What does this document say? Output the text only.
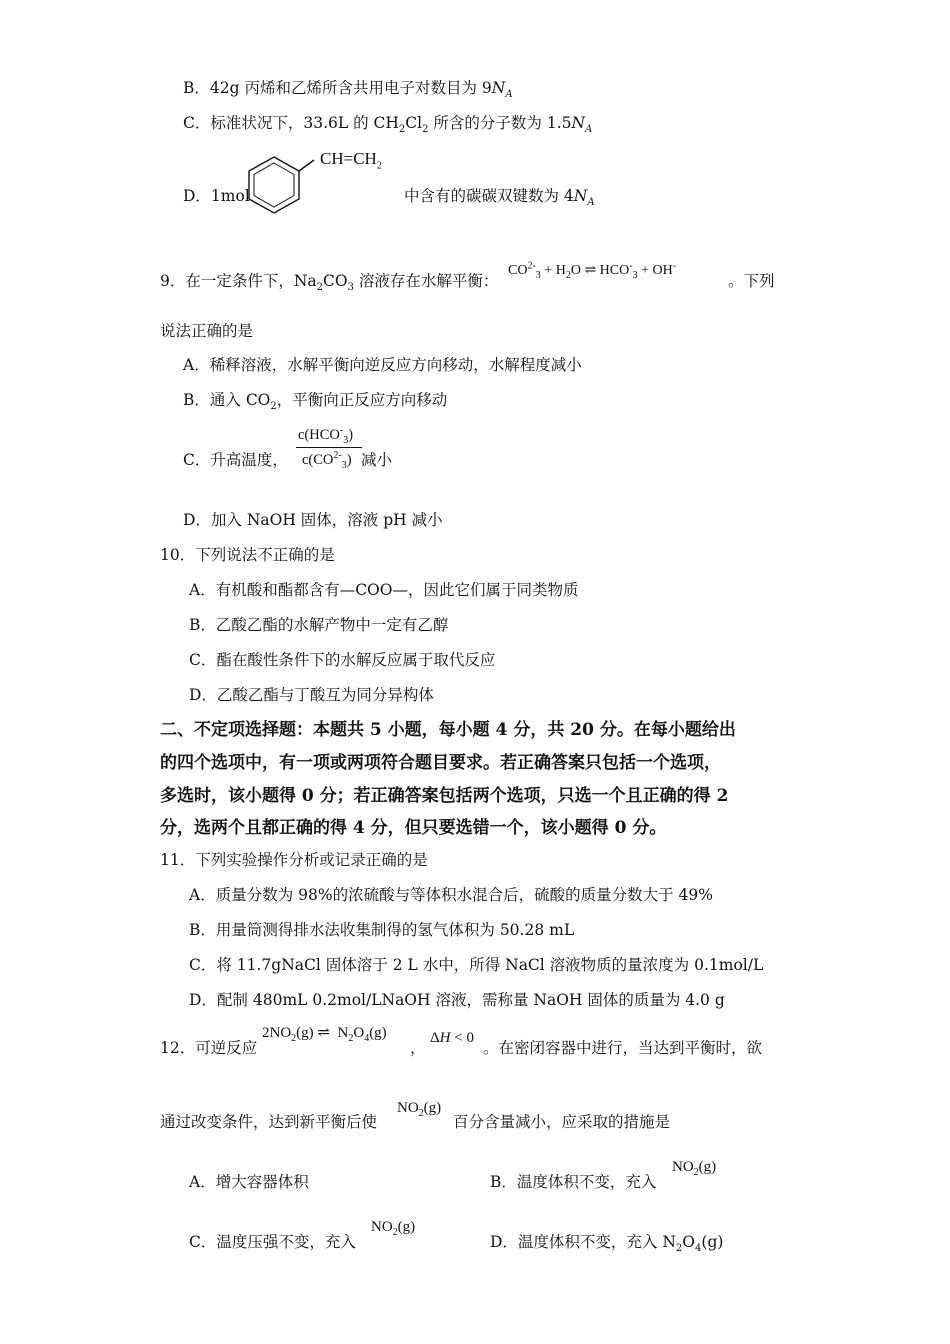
B．42g 丙烯和乙烯所含共用电子对数目为 $9N_A$
C．标准状况下，33.6L 的 $CH_2Cl_2$ 所含的分子数为 $1.5N_A$
D．1mol
$CH=CH_2$
中含有的碳碳双键数为 $4N_A$
9．在一定条件下，$Na_2CO_3$ 溶液存在水解平衡：
$CO^{2-}_3 + H_2O$ ⇌ $HCO^-_3 + OH^-$
。下列
说法正确的是
A．稀释溶液，水解平衡向逆反应方向移动，水解程度减小
B．通入 $CO_2$，平衡向正反应方向移动
C．升高温度，
$c(HCO^-_3)$
$c(CO^{2-}_3)$ 减小
D．加入 NaOH 固体，溶液 pH 减小
10．下列说法不正确的是
A．有机酸和酯都含有—COO—，因此它们属于同类物质
B．乙酸乙酯的水解产物中一定有乙醇
C．酯在酸性条件下的水解反应属于取代反应
D．乙酸乙酯与丁酸互为同分异构体
二、不定项选择题：本题共 5 小题，每小题 4 分，共 20 分。在每小题给出
的四个选项中，有一项或两项符合题目要求。若正确答案只包括一个选项，
多选时，该小题得 0 分；若正确答案包括两个选项，只选一个且正确的得 2
分，选两个且都正确的得 4 分，但只要选错一个，该小题得 0 分。
11．下列实验操作分析或记录正确的是
A．质量分数为 98%的浓硫酸与等体积水混合后，硫酸的质量分数大于 49%
B．用量筒测得排水法收集制得的氢气体积为 50.28 mL
C．将 11.7gNaCl 固体溶于 2 L 水中，所得 NaCl 溶液物质的量浓度为 0.1mol/L
D．配制 480mL 0.2mol/LNaOH 溶液，需称量 NaOH 固体的质量为 4.0 g
12．可逆反应
$2NO_2(g)$ ⇌ $N_2O_4(g)$
，
ΔH < 0
。在密闭容器中进行，当达到平衡时，欲
通过改变条件，达到新平衡后使
$NO_2(g)$
百分含量减小，应采取的措施是
A．增大容器体积	B．温度体积不变，充入
$NO_2(g)$
C．温度压强不变，充入
$NO_2(g)$
D．温度体积不变，充入 $N_2O_4(g)$
